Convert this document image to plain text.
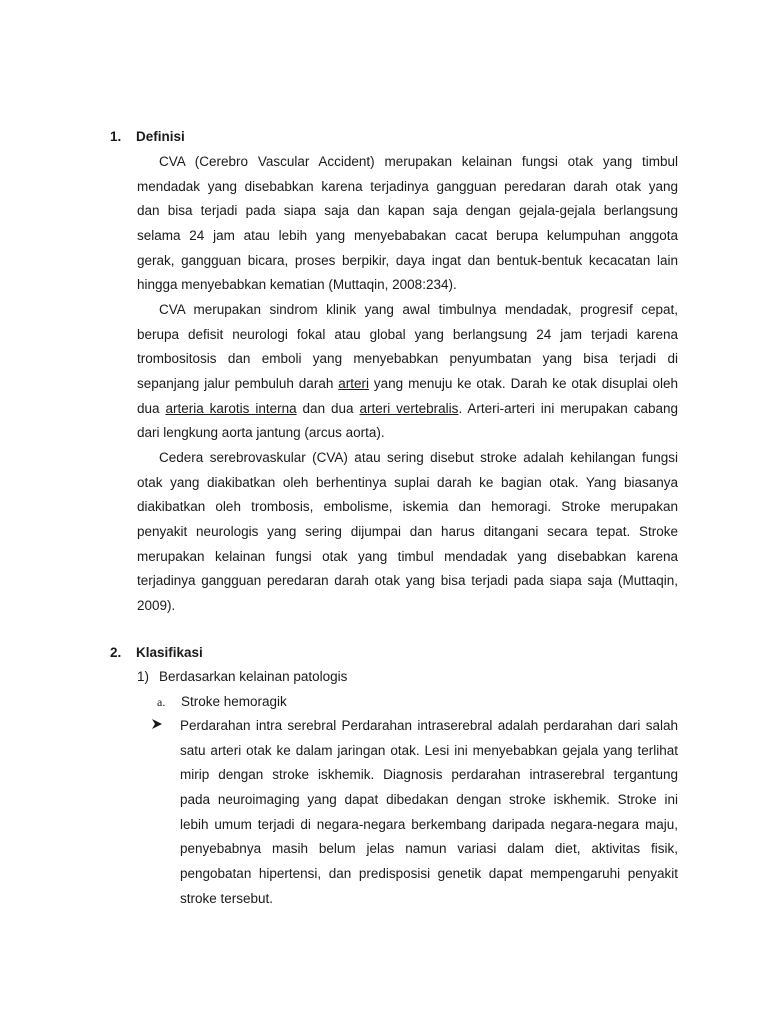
1. Definisi
CVA (Cerebro Vascular Accident) merupakan kelainan fungsi otak yang timbul
mendadak yang disebabkan karena terjadinya gangguan peredaran darah otak yang
dan bisa terjadi pada siapa saja dan kapan saja dengan gejala-gejala berlangsung
selama 24 jam atau lebih yang menyebabakan cacat berupa kelumpuhan anggota
gerak, gangguan bicara, proses berpikir, daya ingat dan bentuk-bentuk kecacatan lain
hingga menyebabkan kematian (Muttaqin, 2008:234).
CVA merupakan sindrom klinik yang awal timbulnya mendadak, progresif cepat,
berupa defisit neurologi fokal atau global yang berlangsung 24 jam terjadi karena
trombositosis dan emboli yang menyebabkan penyumbatan yang bisa terjadi di
sepanjang jalur pembuluh darah arteri yang menuju ke otak. Darah ke otak disuplai oleh
dua arteria karotis interna dan dua arteri vertebralis. Arteri-arteri ini merupakan cabang
dari lengkung aorta jantung (arcus aorta).
Cedera serebrovaskular (CVA) atau sering disebut stroke adalah kehilangan fungsi
otak yang diakibatkan oleh berhentinya suplai darah ke bagian otak. Yang biasanya
diakibatkan oleh trombosis, embolisme, iskemia dan hemoragi. Stroke merupakan
penyakit neurologis yang sering dijumpai dan harus ditangani secara tepat. Stroke
merupakan kelainan fungsi otak yang timbul mendadak yang disebabkan karena
terjadinya gangguan peredaran darah otak yang bisa terjadi pada siapa saja (Muttaqin,
2009).
2. Klasifikasi
1) Berdasarkan kelainan patologis
a. Stroke hemoragik
Perdarahan intra serebral Perdarahan intraserebral adalah perdarahan dari salah
satu arteri otak ke dalam jaringan otak. Lesi ini menyebabkan gejala yang terlihat
mirip dengan stroke iskhemik. Diagnosis perdarahan intraserebral tergantung
pada neuroimaging yang dapat dibedakan dengan stroke iskhemik. Stroke ini
lebih umum terjadi di negara-negara berkembang daripada negara-negara maju,
penyebabnya masih belum jelas namun variasi dalam diet, aktivitas fisik,
pengobatan hipertensi, dan predisposisi genetik dapat mempengaruhi penyakit
stroke tersebut.
